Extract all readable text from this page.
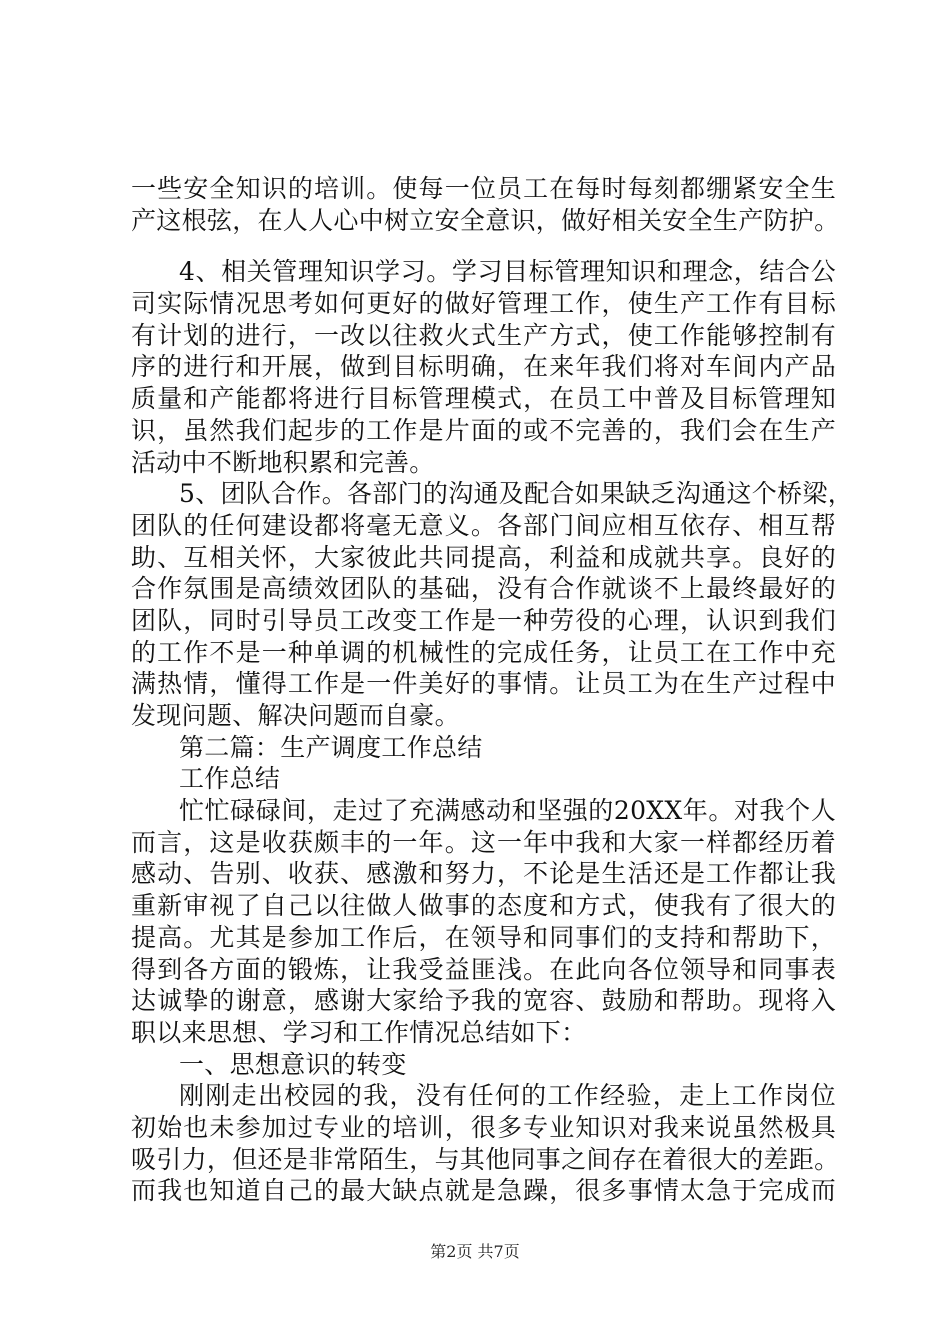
一些安全知识的培训。使每一位员工在每时每刻都绷紧安全生
产这根弦，在人人心中树立安全意识，做好相关安全生产防护。
4、相关管理知识学习。学习目标管理知识和理念，结合公
司实际情况思考如何更好的做好管理工作，使生产工作有目标
有计划的进行，一改以往救火式生产方式，使工作能够控制有
序的进行和开展，做到目标明确，在来年我们将对车间内产品
质量和产能都将进行目标管理模式，在员工中普及目标管理知
识，虽然我们起步的工作是片面的或不完善的，我们会在生产
活动中不断地积累和完善。
5、团队合作。各部门的沟通及配合如果缺乏沟通这个桥梁，
团队的任何建设都将毫无意义。各部门间应相互依存、相互帮
助、互相关怀，大家彼此共同提高，利益和成就共享。良好的
合作氛围是高绩效团队的基础，没有合作就谈不上最终最好的
团队，同时引导员工改变工作是一种劳役的心理，认识到我们
的工作不是一种单调的机械性的完成任务，让员工在工作中充
满热情，懂得工作是一件美好的事情。让员工为在生产过程中
发现问题、解决问题而自豪。
第二篇：生产调度工作总结
工作总结
忙忙碌碌间，走过了充满感动和坚强的20XX年。对我个人
而言，这是收获颇丰的一年。这一年中我和大家一样都经历着
感动、告别、收获、感激和努力，不论是生活还是工作都让我
重新审视了自己以往做人做事的态度和方式，使我有了很大的
提高。尤其是参加工作后，在领导和同事们的支持和帮助下，
得到各方面的锻炼，让我受益匪浅。在此向各位领导和同事表
达诚挚的谢意，感谢大家给予我的宽容、鼓励和帮助。现将入
职以来思想、学习和工作情况总结如下：
一、思想意识的转变
刚刚走出校园的我，没有任何的工作经验，走上工作岗位
初始也未参加过专业的培训，很多专业知识对我来说虽然极具
吸引力，但还是非常陌生，与其他同事之间存在着很大的差距。
而我也知道自己的最大缺点就是急躁，很多事情太急于完成而
第2页 共7页
